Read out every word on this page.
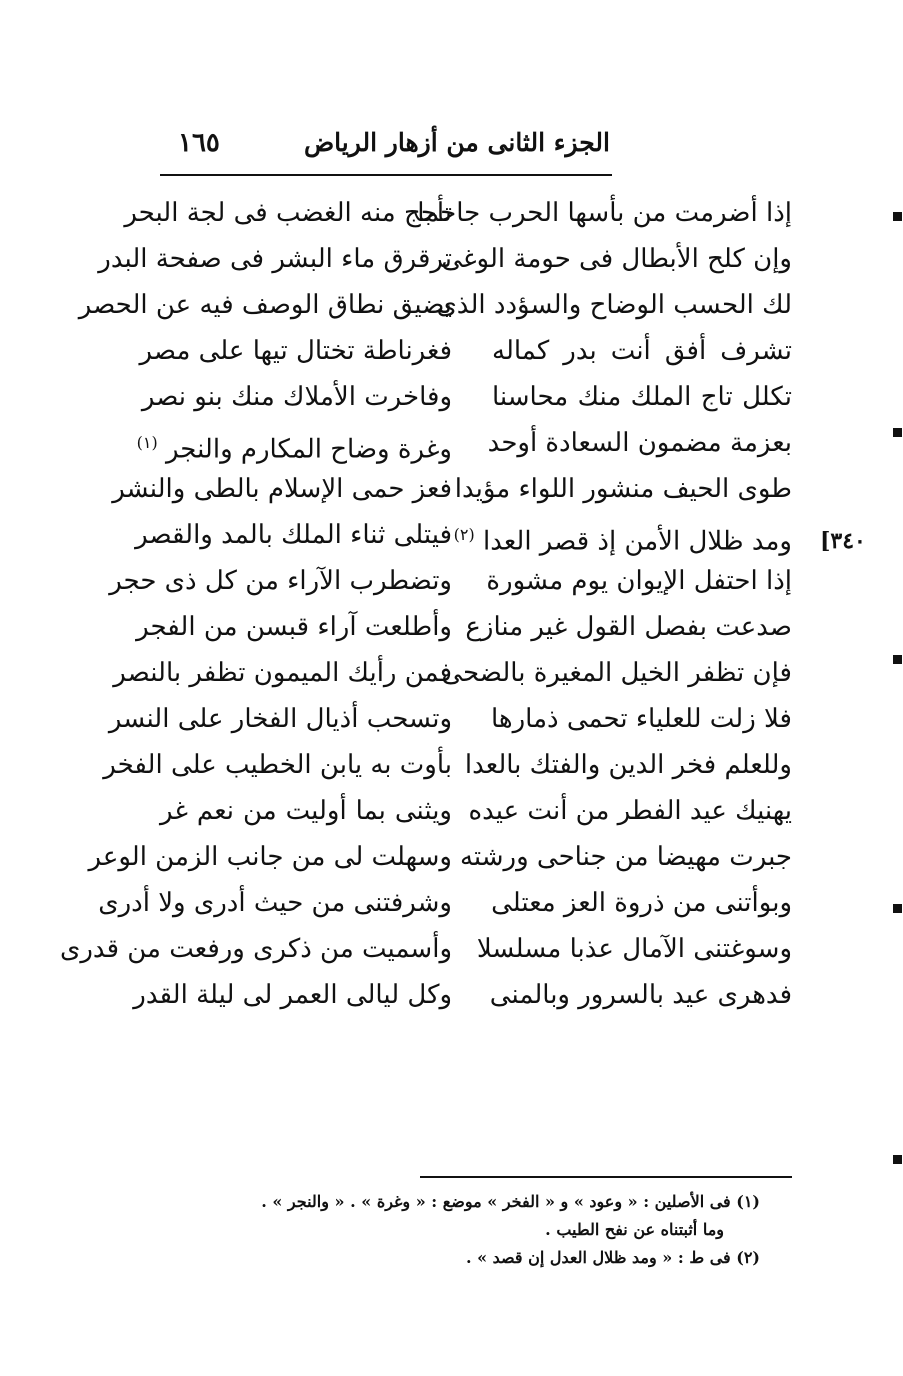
الجزء الثانى من أزهار الرياض
١٦٥
[٣٤٠
إذا أضرمت من بأسها الحرب جاحما
تأجج منه الغضب فى لجة البحر
وإن كلح الأبطال فى حومة الوغى
ترقرق ماء البشر فى صفحة البدر
لك الحسب الوضاح والسؤدد الذى
يضيق نطاق الوصف فيه عن الحصر
تشرف أفق أنت بدر كماله
فغرناطة تختال تيها على مصر
تكلل تاج الملك منك محاسنا
وفاخرت الأملاك منك بنو نصر
بعزمة مضمون السعادة أوحد
وغرة وضاح المكارم والنجر $^{(١)}$
طوى الحيف منشور اللواء مؤيدا
فعز حمى الإسلام بالطى والنشر
ومد ظلال الأمن إذ قصر العدا $^{(٢)}$
فيتلى ثناء الملك بالمد والقصر
إذا احتفل الإيوان يوم مشورة
وتضطرب الآراء من كل ذى حجر
صدعت بفصل القول غير منازع
وأطلعت آراء قبسن من الفجر
فإن تظفر الخيل المغيرة بالضحى
فمن رأيك الميمون تظفر بالنصر
فلا زلت للعلياء تحمى ذمارها
وتسحب أذيال الفخار على النسر
وللعلم فخر الدين والفتك بالعدا
بأوت به يابن الخطيب على الفخر
يهنيك عيد الفطر من أنت عيده
ويثنى بما أوليت من نعم غر
جبرت مهيضا من جناحى ورشته
وسهلت لى من جانب الزمن الوعر
وبوأتنى من ذروة العز معتلى
وشرفتنى من حيث أدرى ولا أدرى
وسوغتنى الآمال عذبا مسلسلا
وأسميت من ذكرى ورفعت من قدرى
فدهرى عيد بالسرور وبالمنى
وكل ليالى العمر لى ليلة القدر
(١) فى الأصلين : « وعود » و « الفخر » موضع : « وغرة » . « والنجر » .
وما أثبتناه عن نفح الطيب .
(٢) فى ط : « ومد ظلال العدل إن قصد » .
